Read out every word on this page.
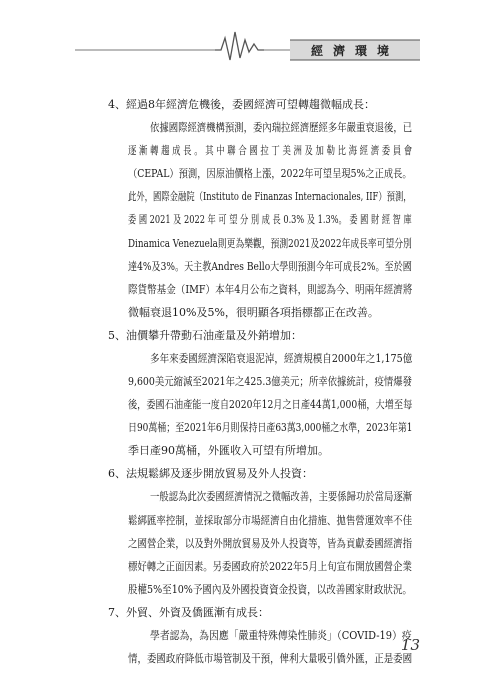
經濟環境
4、經過8年經濟危機後，委國經濟可望轉趨微幅成長：
依據國際經濟機構預測，委內瑞拉經濟歷經多年嚴重衰退後，已
逐 漸 轉 趨 成 長 。 其 中 聯 合 國 拉 丁 美 洲 及 加 勒 比 海 經 濟 委 員 會
（CEPAL）預測，因原油價格上漲，2022年可望呈現5%之正成長。
此外，國際金融院（Instituto de Finanzas Internacionales, IIF）預測，
委 國 2021 及 2022 年 可 望 分 別 成 長 0.3% 及 1.3%。 委 國 財 經 智 庫
Dinamica Venezuela則更為樂觀，預測2021及2022年成長率可望分別
達4%及3%。天主教Andres Bello大學則預測今年可成長2%。至於國
際貨幣基金（IMF）本年4月公布之資料，則認為今、明兩年經濟將
微幅衰退10%及5%，很明顯各項指標都正在改善。
5、油價攀升帶動石油產量及外銷增加：
多年來委國經濟深陷衰退泥淖，經濟規模自2000年之1,175億
9,600美元縮減至2021年之425.3億美元；所幸依據統計，疫情爆發
後，委國石油產能一度自2020年12月之日產44萬1,000桶，大增至每
日90萬桶；至2021年6月則保持日產63萬3,000桶之水準，2023年第1
季日產90萬桶，外匯收入可望有所增加。
6、法規鬆綁及逐步開放貿易及外人投資：
一般認為此次委國經濟情況之微幅改善，主要係歸功於當局逐漸
鬆綁匯率控制，並採取部分市場經濟自由化措施、拋售營運效率不佳
之國營企業，以及對外開放貿易及外人投資等，皆為貢獻委國經濟指
標好轉之正面因素。另委國政府於2022年5月上旬宣布開放國營企業
股權5%至10%予國內及外國投資資金投資，以改善國家財政狀況。
7、外貿、外資及僑匯漸有成長：
學者認為，為因應「嚴重特殊傳染性肺炎」（COVID-19）疫
情，委國政府降低市場管制及干預，俾利大量吸引僑外匯，正是委國
13
